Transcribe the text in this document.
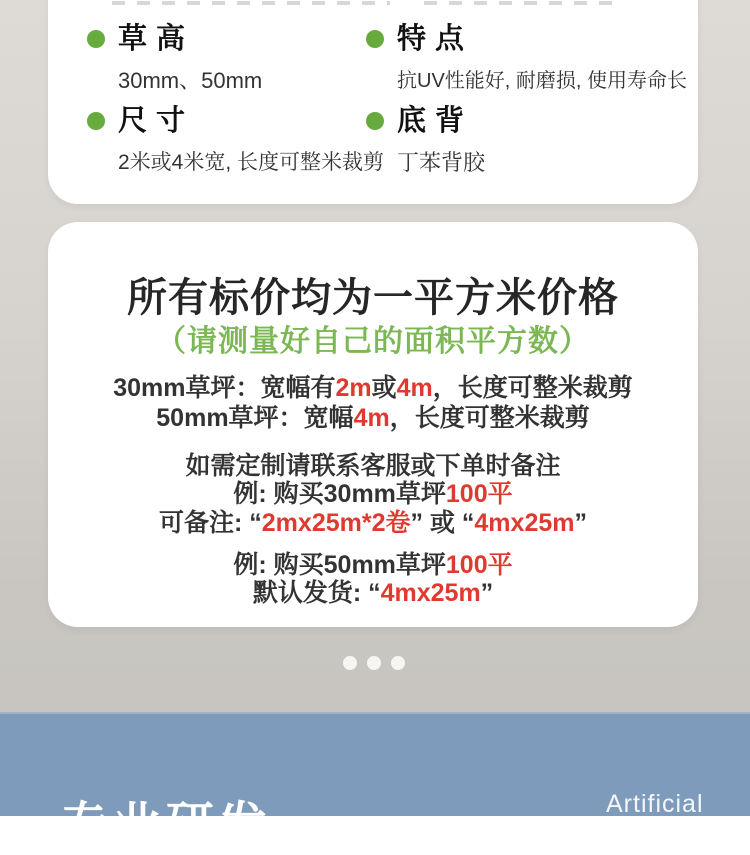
草高
30mm、50mm
尺寸
2米或4米宽, 长度可整米裁剪
特点
抗UV性能好, 耐磨损, 使用寿命长
底背
丁苯背胶
所有标价均为一平方米价格
（请测量好自己的面积平方数）
30mm草坪：宽幅有2m或4m，长度可整米裁剪
50mm草坪：宽幅4m，长度可整米裁剪
如需定制请联系客服或下单时备注
例: 购买30mm草坪100平
可备注: “2mx25m*2卷” 或 “4mx25m”
例: 购买50mm草坪100平
默认发货: “4mx25m”
专业研发	Artificial
